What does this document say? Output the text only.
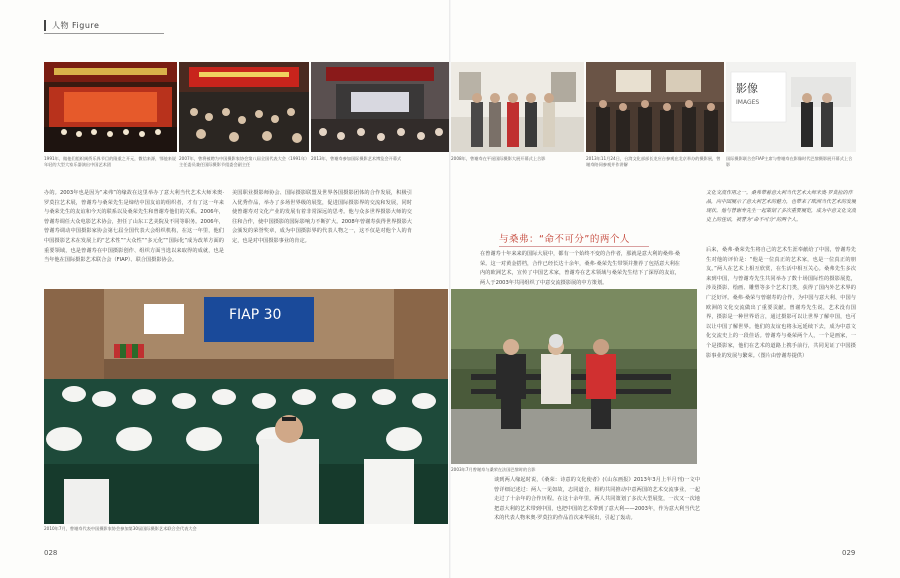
人物 Figure
影像
IMAGES
1991年，做他们组织闽侨乐界节目的隆重之开元，微信来源，鄂他来说年轻的大型大家乐器演出中国艺术团
2007年，曾将被聘为中国摄影家协会第八届全国代表大会（1991年）主任委员兼任国际摄影节组委会副主任
2013年，曾谢寿参加国际摄影艺术博览会开幕式	2008年，曾谢寿在平遥国际摄影大展开幕式上合影	2013年11月24日，台湾文化部部长龙应台参观在北京举办的摄影展，曾谢寿陪同参观并作讲解
国际摄影联合会FIAP主席与曾谢寿在影像时代巴黎摄影展开幕式上合影
办的。2003年也是因为“来弗”的缘故在这里举办了意大利当代艺术大师米奥·罗莫拉艺术展，曾谢寿与桑荣先生是缔结中国友谊的组织者，才有了这一年来与桑荣先生的友谊和今天的联系以及桑荣先生和曾谢寿他们的关系。2006年，曾谢寿调任大众电影艺术协会，担任了山东工艺美院及不同等职务。2006年，曾谢寿调动中国摄影家协会第七届全国代表大会组织机构，在这一年里，他们中国摄影艺术在发展上的“艺术性”“大众性”“多元化”“国际化”成为改革方面的重要领域，也是曾谢寿在中国摄影创作、组织方面当选以来取得的成就，也是当年他在国际摄影艺术联合会（FIAP）、联合国摄影协会。
美国职业摄影师协会、国际摄影联盟及世界各国摄影团体的合作发展，积极引入优秀作品，举办了多场世界级的展览，促进国际摄影界的交流和发展，同时使曾谢寿对文化产业的发展有着非常深远的思考。他与众多世界摄影大师的交往和合作，使中国摄影的国际影响力不断扩大。2008年曾谢寿获得世界摄影大会颁发的荣誉奖章，成为中国摄影界的代表人物之一，这不仅是对他个人的肯定，也是对中国摄影事业的肯定。	与桑弗：“命不可分”的两个人
在曾谢寿十年来来的国际大展中，都有一个始终不变的合作者，那就是意大利的桑弗·桑荣。这一对黄金搭档，合作已经长达十余年，桑弗·桑荣先生带领并推荐了包括意大利在内的欧洲艺术，宣传了中国艺术家，曾谢寿在艺术领域与桑荣先生结下了深厚的友谊，两人于2003年共同组织了中意交流摄影展的中方策划。
文化交流作用之一。桑弗带着意大利当代艺术大师米奥·罗莫拉的作品，向中国展示了意大利艺术的魅力，也带来了欧洲当代艺术的发展现状。他与曾谢寿先生一起策划了多次重要展览，成为中意文化交流史上的佳话，被誉为“命不可分”的两个人。
后来，桑弗·桑荣先生将自己的艺术生涯奉献给了中国，曾谢寿先生对他的评价是：“他是一位真正的艺术家，也是一位真正的朋友。”两人在艺术上相互欣赏，在生活中相互关心。桑弗先生多次来到中国，与曾谢寿先生共同举办了数十场国际性的摄影展览，涉及摄影、绘画、雕塑等多个艺术门类，获得了国内外艺术界的广泛好评。桑弗·桑荣与曾谢寿的合作，为中国与意大利、中国与欧洲的文化交流做出了重要贡献。曾谢寿先生说，艺术没有国界，摄影是一种世界语言，通过摄影可以让世界了解中国，也可以让中国了解世界。他们的友谊也将永远延续下去，成为中意文化交流史上的一段佳话。曾谢寿与桑荣两个人，一个是画家，一个是摄影家，他们在艺术的道路上携手前行，共同见证了中国摄影事业的发展与繁荣。（图片由曾谢寿提供）
FIAP 30
2010年7月，曾谢寿代表中国摄影家协会参加第30届国际摄影艺术联合会代表大会
2003年7月曾谢寿与桑荣在法国巴黎时的合影
谈到两人缘起时说，《桑荣：诗意的文化使者》(《山东画报》2013年3月上半月刊)一文中曾详细记述过：两人一见如故，志同道合，相约共同推动中意两国的艺术交流事业，一起走过了十余年的合作历程。在这十余年里，两人共同策划了多次大型展览，一次又一次地把意大利的艺术带到中国，也把中国的艺术带到了意大利——2003年，作为意大利当代艺术的代表人物米奥·罗莫拉的作品首次来华展出，引起了轰动。
028	029
